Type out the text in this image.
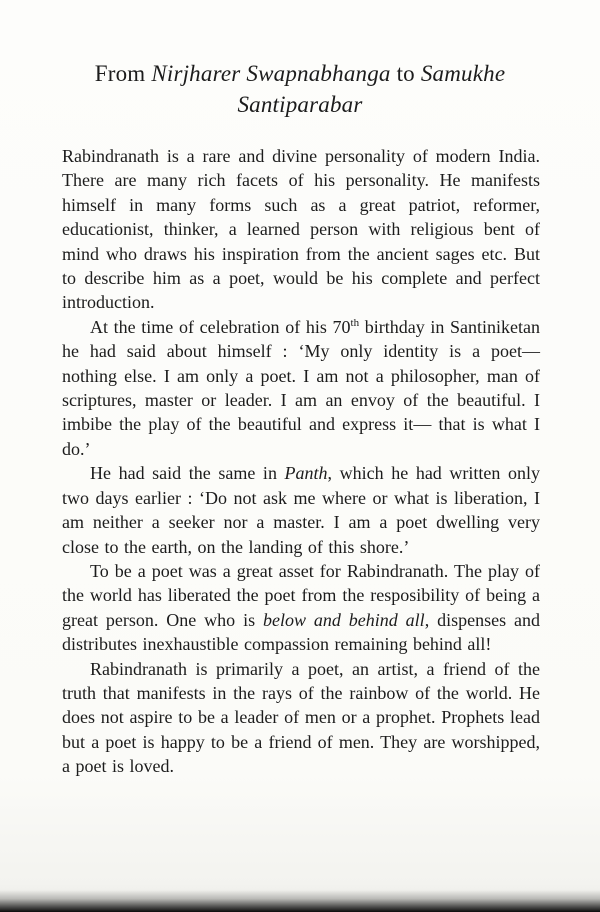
From Nirjharer Swapnabhanga to Samukhe Santiparabar

Rabindranath is a rare and divine personality of modern India. There are many rich facets of his personality. He manifests himself in many forms such as a great patriot, reformer, educationist, thinker, a learned person with religious bent of mind who draws his inspiration from the ancient sages etc. But to describe him as a poet, would be his complete and perfect introduction.

At the time of celebration of his 70th birthday in Santiniketan he had said about himself : ‘My only identity is a poet— nothing else. I am only a poet. I am not a philosopher, man of scriptures, master or leader. I am an envoy of the beautiful. I imbibe the play of the beautiful and express it— that is what I do.’

He had said the same in Panth, which he had written only two days earlier : ‘Do not ask me where or what is liberation, I am neither a seeker nor a master. I am a poet dwelling very close to the earth, on the landing of this shore.’

To be a poet was a great asset for Rabindranath. The play of the world has liberated the poet from the resposibility of being a great person. One who is below and behind all, dispenses and distributes inexhaustible compassion remaining behind all!

Rabindranath is primarily a poet, an artist, a friend of the truth that manifests in the rays of the rainbow of the world. He does not aspire to be a leader of men or a prophet. Prophets lead but a poet is happy to be a friend of men. They are worshipped, a poet is loved.
